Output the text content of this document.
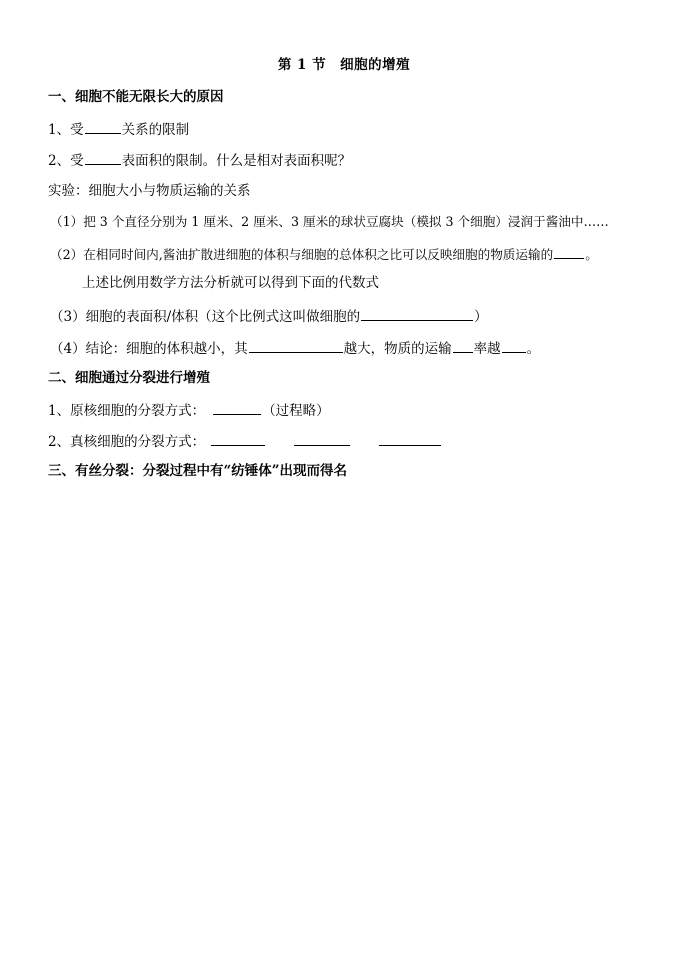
第 1 节　细胞的增殖
一、细胞不能无限长大的原因
1、受	关系的限制
2、受	表面积的限制。什么是相对表面积呢？
实验：细胞大小与物质运输的关系
（1）把 3 个直径分别为 1 厘米、2 厘米、3 厘米的球状豆腐块（模拟 3 个细胞）浸润于酱油中……
（2）在相同时间内,酱油扩散进细胞的体积与细胞的总体积之比可以反映细胞的物质运输的	。
上述比例用数学方法分析就可以得到下面的代数式
（3）细胞的表面积/体积（这个比例式这叫做细胞的	）
（4）结论：细胞的体积越小，其	越大，物质的运输 率越 。
二、细胞通过分裂进行增殖
1、原核细胞的分裂方式：	（过程略）
2、真核细胞的分裂方式：
三、有丝分裂：分裂过程中有“纺锤体”出现而得名
